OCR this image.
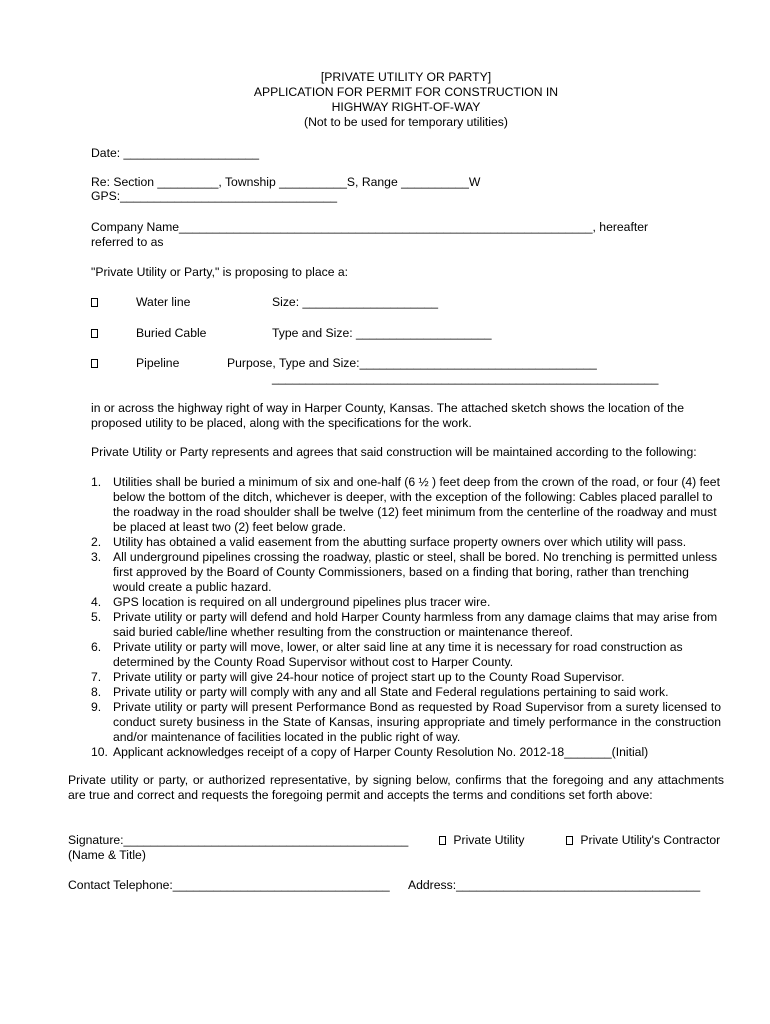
[PRIVATE UTILITY OR PARTY]
APPLICATION FOR PERMIT FOR CONSTRUCTION IN
HIGHWAY RIGHT-OF-WAY
(Not to be used for temporary utilities)
Date: ____________________
Re: Section _________, Township __________S, Range __________W
GPS:________________________________
Company Name_____________________________________________________________, hereafter
referred to as
"Private Utility or Party," is proposing to place a:
Water line	Size: ____________________
Buried Cable	Type and Size: ____________________
Pipeline	Purpose, Type and Size:___________________________________
_________________________________________________________
in or across the highway right of way in Harper County, Kansas. The attached sketch shows the location of the proposed utility to be placed, along with the specifications for the work.
Private Utility or Party represents and agrees that said construction will be maintained according to the following:
1. Utilities shall be buried a minimum of six and one-half (6 ½ ) feet deep from the crown of the road, or four (4) feet below the bottom of the ditch, whichever is deeper, with the exception of the following: Cables placed parallel to the roadway in the road shoulder shall be twelve (12) feet minimum from the centerline of the roadway and must be placed at least two (2) feet below grade.
2. Utility has obtained a valid easement from the abutting surface property owners over which utility will pass.
3. All underground pipelines crossing the roadway, plastic or steel, shall be bored. No trenching is permitted unless first approved by the Board of County Commissioners, based on a finding that boring, rather than trenching would create a public hazard.
4. GPS location is required on all underground pipelines plus tracer wire.
5. Private utility or party will defend and hold Harper County harmless from any damage claims that may arise from said buried cable/line whether resulting from the construction or maintenance thereof.
6. Private utility or party will move, lower, or alter said line at any time it is necessary for road construction as determined by the County Road Supervisor without cost to Harper County.
7. Private utility or party will give 24-hour notice of project start up to the County Road Supervisor.
8. Private utility or party will comply with any and all State and Federal regulations pertaining to said work.
9. Private utility or party will present Performance Bond as requested by Road Supervisor from a surety licensed to conduct surety business in the State of Kansas, insuring appropriate and timely performance in the construction and/or maintenance of facilities located in the public right of way.
10. Applicant acknowledges receipt of a copy of Harper County Resolution No. 2012-18_______(Initial)
Private utility or party, or authorized representative, by signing below, confirms that the foregoing and any attachments are true and correct and requests the foregoing permit and accepts the terms and conditions set forth above:
Signature:__________________________________________
(Name & Title)
Private Utility	Private Utility's Contractor
Contact Telephone:________________________________ Address:____________________________________
